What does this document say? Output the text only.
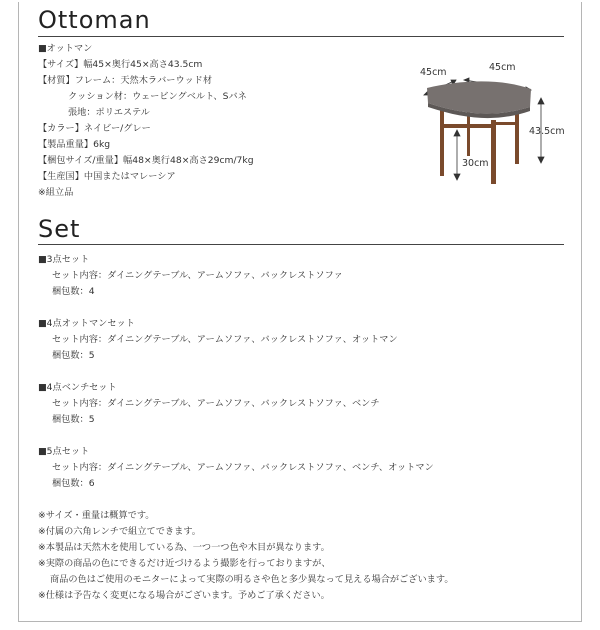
Ottoman
■オットマン
【サイズ】幅45×奥行45×高さ43.5cm
【材質】フレーム：天然木ラバーウッド材
クッション材：ウェービングベルト、Sバネ
張地：ポリエステル
【カラー】ネイビー/グレー
【製品重量】6kg
【梱包サイズ/重量】幅48×奥行48×高さ29cm/7kg
【生産国】中国またはマレーシア
※組立品
45cm	45cm
43.5cm
30cm
Set
■3点セット
セット内容：ダイニングテーブル、アームソファ、バックレストソファ
梱包数：4
■4点オットマンセット
セット内容：ダイニングテーブル、アームソファ、バックレストソファ、オットマン
梱包数：5
■4点ベンチセット
セット内容：ダイニングテーブル、アームソファ、バックレストソファ、ベンチ
梱包数：5
■5点セット
セット内容：ダイニングテーブル、アームソファ、バックレストソファ、ベンチ、オットマン
梱包数：6
※サイズ・重量は概算です。
※付属の六角レンチで組立てできます。
※本製品は天然木を使用している為、一つ一つ色や木目が異なります。
※実際の商品の色にできるだけ近づけるよう撮影を行っておりますが、
商品の色はご使用のモニターによって実際の明るさや色と多少異なって見える場合がございます。
※仕様は予告なく変更になる場合がございます。予めご了承ください。
